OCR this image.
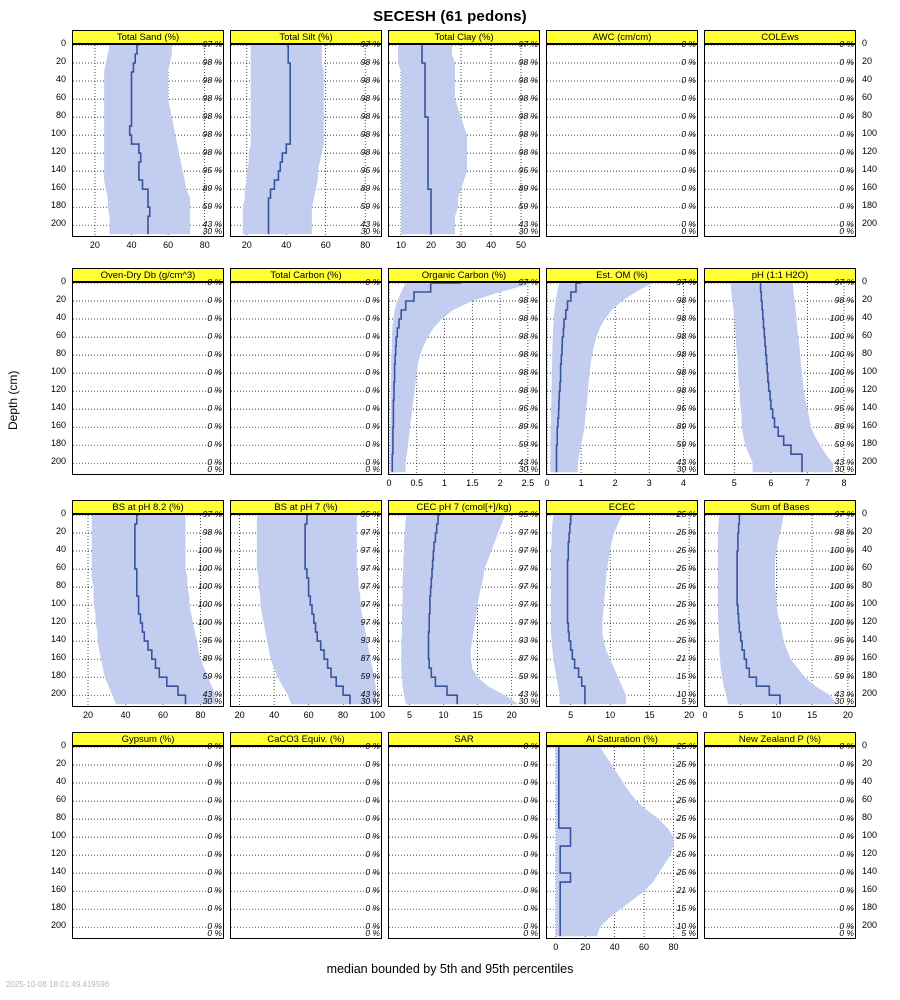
SECESH (61 pedons)
Depth (cm)
median bounded by 5th and 95th percentiles
2025-10-08 18:01:49.419596
20	40	60	80
Total Sand (%)
97 %
98 %
98 %
98 %
98 %
98 %
98 %
95 %
89 %
59 %
43 %
30 %
20	40	60	80
Total Silt (%)
97 %
98 %
98 %
98 %
98 %
98 %
98 %
95 %
89 %
59 %
43 %
30 %
10	20	30	40	50
Total Clay (%)
97 %
98 %
98 %
98 %
98 %
98 %
98 %
95 %
89 %
59 %
43 %
30 %
AWC (cm/cm)
0 %
0 %
0 %
0 %
0 %
0 %
0 %
0 %
0 %
0 %
0 %
0 %
COLEws
0 %
0 %
0 %
0 %
0 %
0 %
0 %
0 %
0 %
0 %
0 %
0 %
Oven-Dry Db (g/cm^3)
0 %
0 %
0 %
0 %
0 %
0 %
0 %
0 %
0 %
0 %
0 %
0 %
Total Carbon (%)
0 %
0 %
0 %
0 %
0 %
0 %
0 %
0 %
0 %
0 %
0 %
0 %
0	0.5	1	1.5	2	2.5
Organic Carbon (%)
97 %
98 %
98 %
98 %
98 %
98 %
98 %
95 %
89 %
59 %
43 %
30 %
0	1	2	3	4
Est. OM (%)
97 %
98 %
98 %
98 %
98 %
98 %
98 %
95 %
89 %
59 %
43 %
30 %
5	6	7	8
pH (1:1 H2O)
97 %
98 %
100 %
100 %
100 %
100 %
100 %
95 %
89 %
59 %
43 %
30 %
20	40	60	80
BS at pH 8.2 (%)
97 %
98 %
100 %
100 %
100 %
100 %
100 %
95 %
89 %
59 %
43 %
30 %
20	40	60	80	100
BS at pH 7 (%)
95 %
97 %
97 %
97 %
97 %
97 %
97 %
93 %
87 %
59 %
43 %
30 %
5	10	15	20
CEC pH 7 (cmol[+]/kg)
95 %
97 %
97 %
97 %
97 %
97 %
97 %
93 %
87 %
59 %
43 %
30 %
5	10	15	20
ECEC
25 %
25 %
25 %
25 %
25 %
25 %
25 %
25 %
21 %
15 %
10 %
5 %
0	5	10	15	20
Sum of Bases
97 %
98 %
100 %
100 %
100 %
100 %
100 %
95 %
89 %
59 %
43 %
30 %
Gypsum (%)
0 %
0 %
0 %
0 %
0 %
0 %
0 %
0 %
0 %
0 %
0 %
0 %
CaCO3 Equiv. (%)
0 %
0 %
0 %
0 %
0 %
0 %
0 %
0 %
0 %
0 %
0 %
0 %
SAR
0 %
0 %
0 %
0 %
0 %
0 %
0 %
0 %
0 %
0 %
0 %
0 %
0	20	40	60	80
Al Saturation (%)
25 %
25 %
25 %
25 %
25 %
25 %
25 %
25 %
21 %
15 %
10 %
5 %
New Zealand P (%)
0 %
0 %
0 %
0 %
0 %
0 %
0 %
0 %
0 %
0 %
0 %
0 %
0	0
20	20
40	40
60	60
80	80
100	100
120	120
140	140
160	160
180	180
200	200
0	0
20	20
40	40
60	60
80	80
100	100
120	120
140	140
160	160
180	180
200	200
0	0
20	20
40	40
60	60
80	80
100	100
120	120
140	140
160	160
180	180
200	200
0	0
20	20
40	40
60	60
80	80
100	100
120	120
140	140
160	160
180	180
200	200
